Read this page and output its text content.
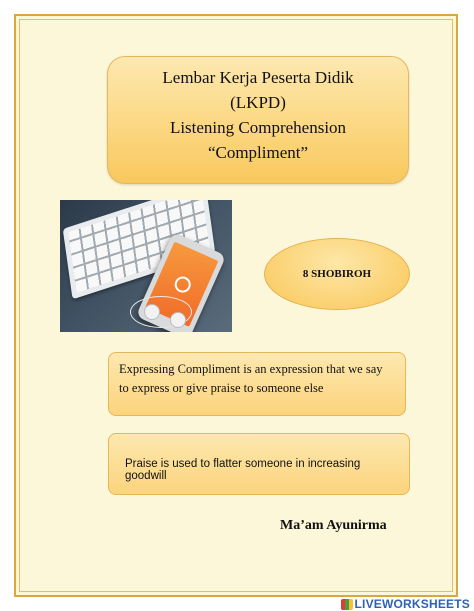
Lembar Kerja Peserta Didik
(LKPD)
Listening Comprehension
“Compliment”
8 SHOBIROH
Expressing Compliment is an expression that we say to express or give praise to someone else
Praise is used to flatter someone in increasing goodwill
Ma’am Ayunirma
LIVEWORKSHEETS
